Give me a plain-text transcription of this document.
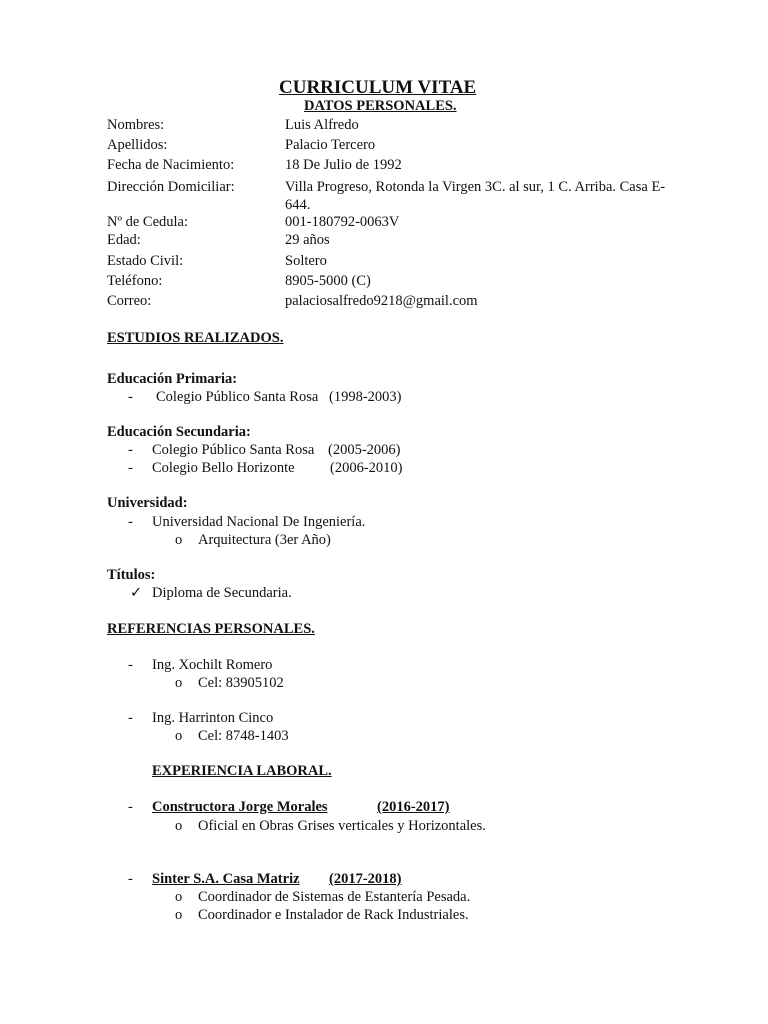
CURRICULUM VITAE
DATOS PERSONALES.
Nombres:	Luis Alfredo
Apellidos:	Palacio Tercero
Fecha de Nacimiento:	18 De Julio de 1992
Dirección Domiciliar:	Villa Progreso, Rotonda la Virgen 3C. al sur, 1 C. Arriba. Casa E-644.
Nº de Cedula:	001-180792-0063V
Edad:	29 años
Estado Civil:	Soltero
Teléfono:	8905-5000 (C)
Correo:	palaciosalfredo9218@gmail.com
ESTUDIOS REALIZADOS.
Educación Primaria:
- Colegio Público Santa Rosa (1998-2003)
Educación Secundaria:
- Colegio Público Santa Rosa (2005-2006)
- Colegio Bello Horizonte (2006-2010)
Universidad:
- Universidad Nacional De Ingeniería.
o Arquitectura (3er Año)
Títulos:
✓ Diploma de Secundaria.
REFERENCIAS PERSONALES.
- Ing. Xochilt Romero
o Cel: 83905102
- Ing. Harrinton Cinco
o Cel: 8748-1403
EXPERIENCIA LABORAL.
- Constructora Jorge Morales	(2016-2017)
o Oficial en Obras Grises verticales y Horizontales.
- Sinter S.A. Casa Matriz (2017-2018)
o Coordinador de Sistemas de Estantería Pesada.
o Coordinador e Instalador de Rack Industriales.
